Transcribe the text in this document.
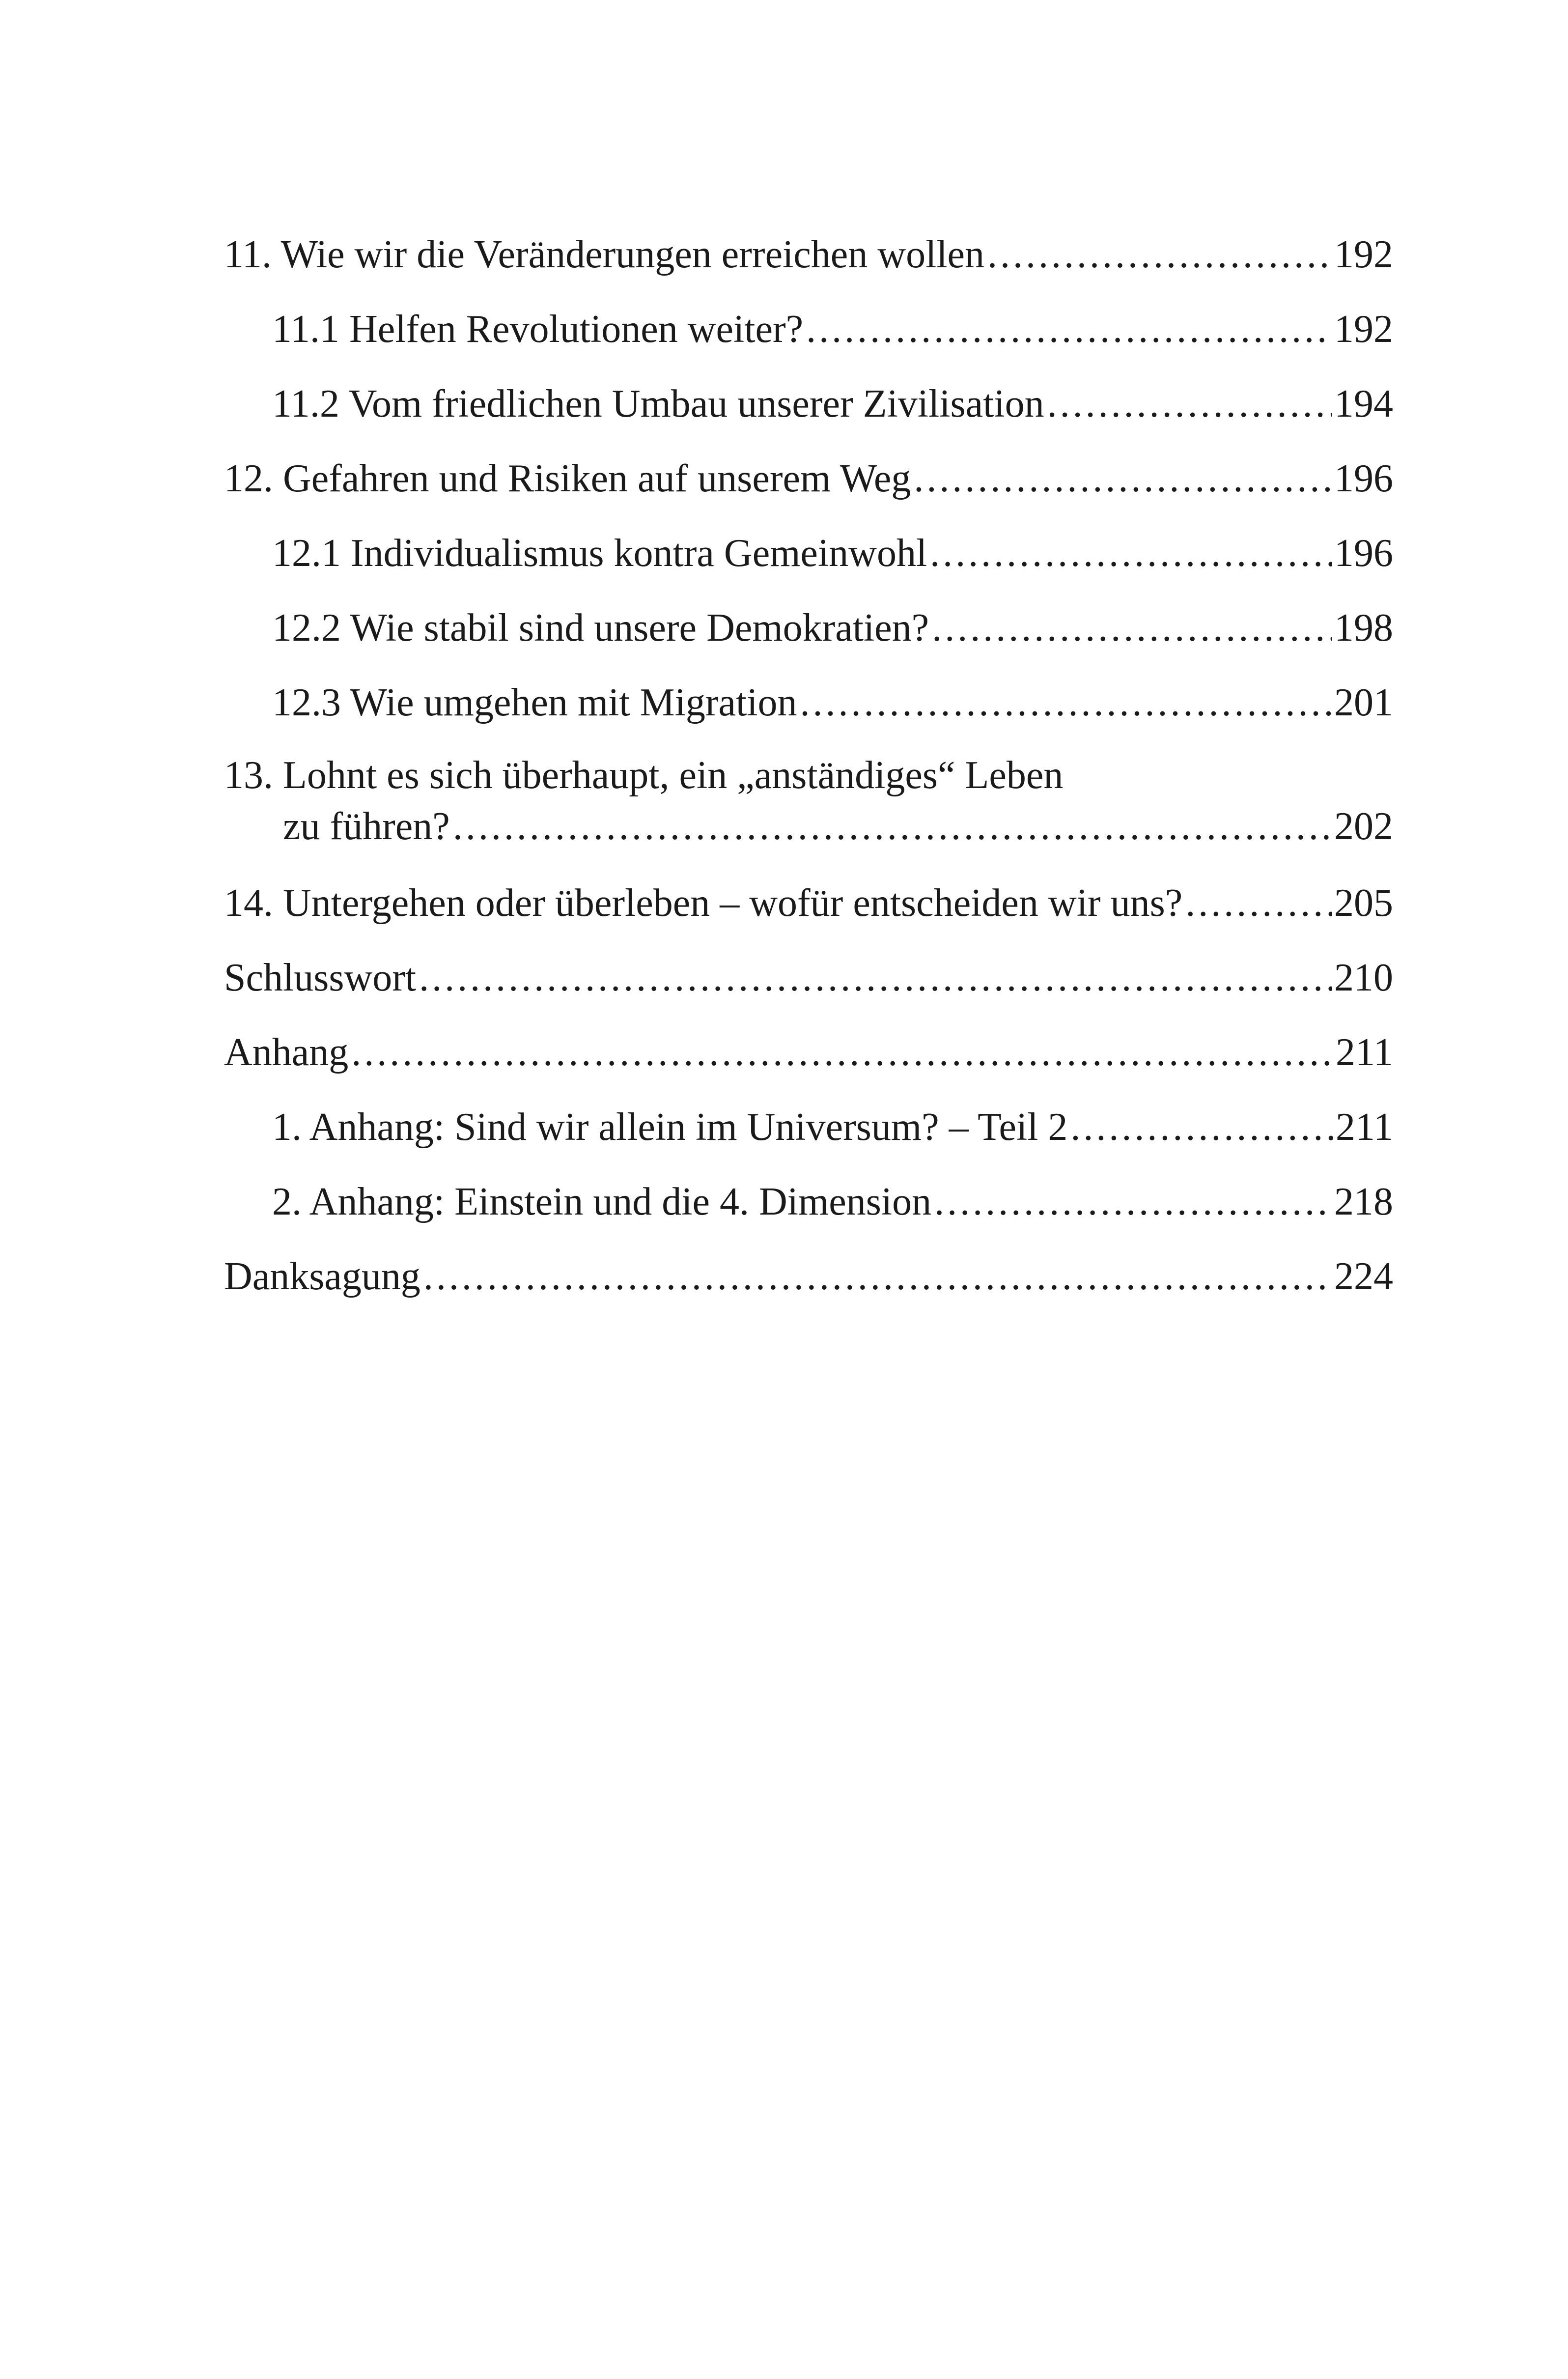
11. Wie wir die Veränderungen erreichen wollen .....	192
11.1 Helfen Revolutionen weiter? .....	192
11.2 Vom friedlichen Umbau unserer Zivilisation .....	194
12. Gefahren und Risiken auf unserem Weg .....	196
12.1 Individualismus kontra Gemeinwohl .....	196
12.2 Wie stabil sind unsere Demokratien? .....	198
12.3 Wie umgehen mit Migration .....	201
13. Lohnt es sich überhaupt, ein „anständiges“ Leben
zu führen? .....	202
14. Untergehen oder überleben – wofür entscheiden wir uns? .....	205
Schlusswort .....	210
Anhang .....	211
1. Anhang: Sind wir allein im Universum? – Teil 2 .....	211
2. Anhang: Einstein und die 4. Dimension .....	218
Danksagung .....	224
